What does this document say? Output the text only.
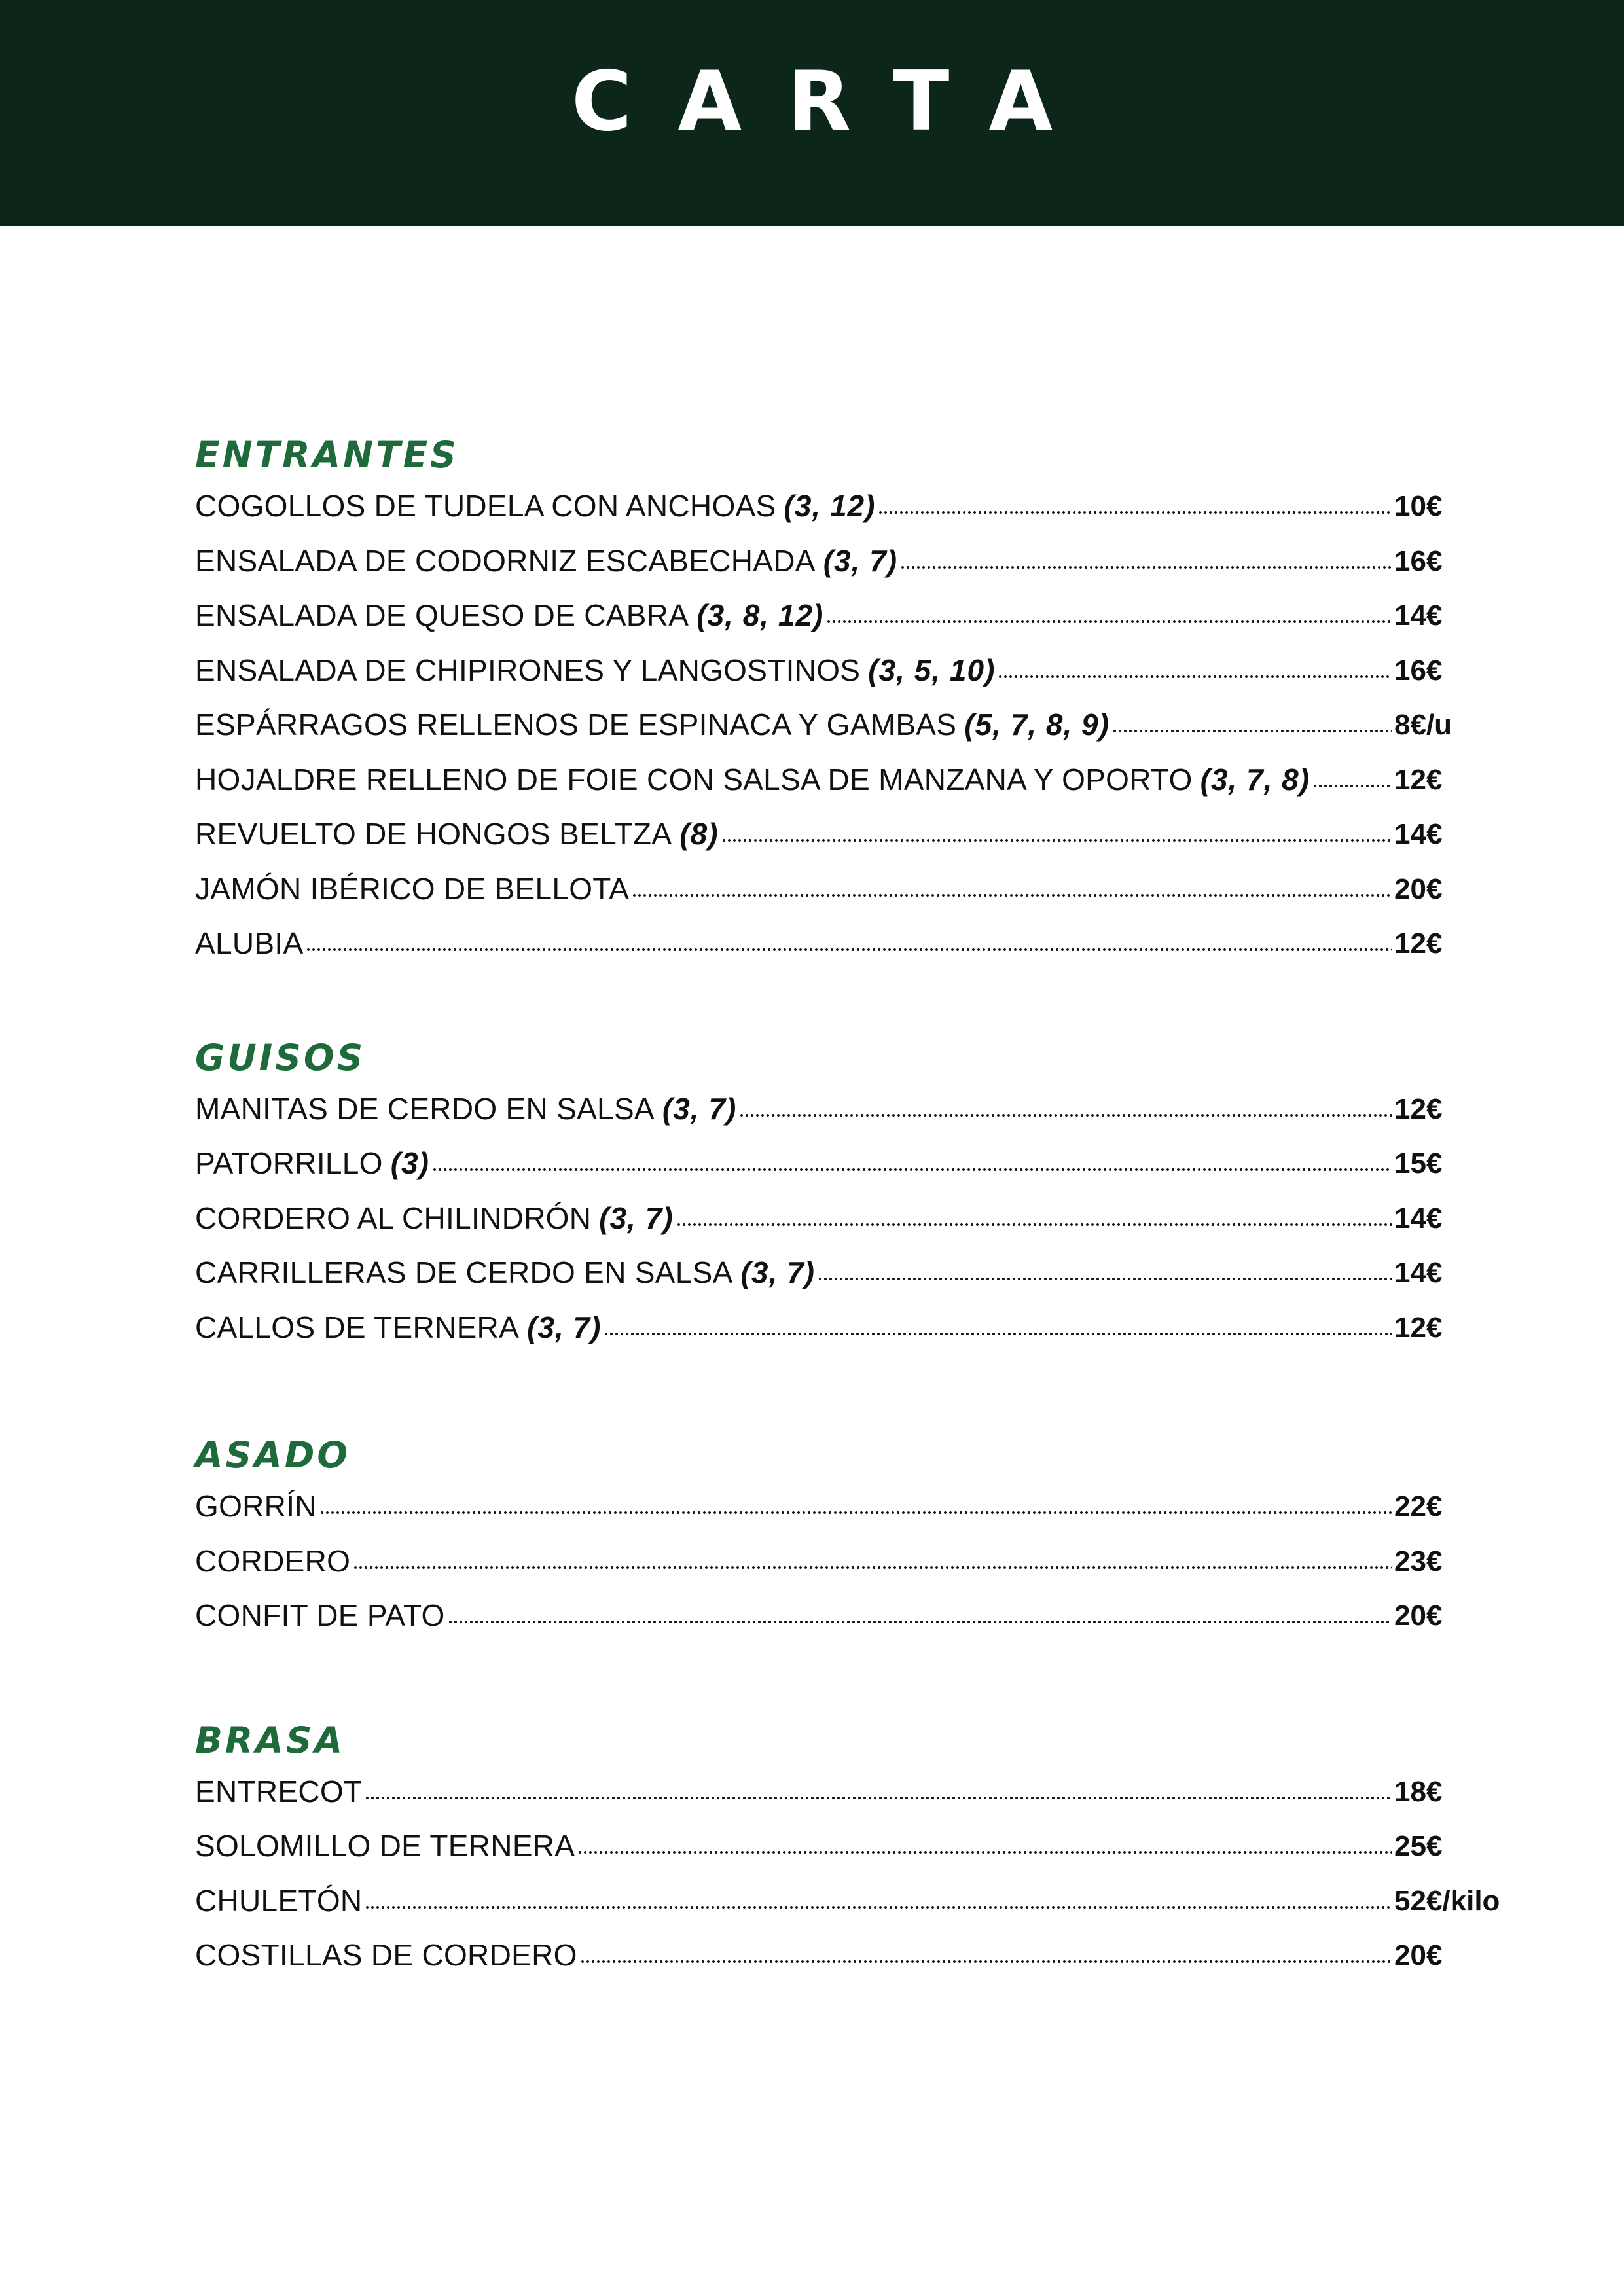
CARTA
ENTRANTES
COGOLLOS DE TUDELA CON ANCHOAS (3, 12)	10€
ENSALADA DE CODORNIZ ESCABECHADA (3, 7)	16€
ENSALADA DE QUESO DE CABRA (3, 8, 12)	14€
ENSALADA DE CHIPIRONES Y LANGOSTINOS (3, 5, 10)	16€
ESPÁRRAGOS RELLENOS DE ESPINACA Y GAMBAS (5, 7, 8, 9)	8€/u
HOJALDRE RELLENO DE FOIE CON SALSA DE MANZANA Y OPORTO (3, 7, 8)	12€
REVUELTO DE HONGOS BELTZA (8)	14€
JAMÓN IBÉRICO DE BELLOTA	20€
ALUBIA	12€
GUISOS
MANITAS DE CERDO EN SALSA (3, 7)	12€
PATORRILLO (3)	15€
CORDERO AL CHILINDRÓN (3, 7)	14€
CARRILLERAS DE CERDO EN SALSA (3, 7)	14€
CALLOS DE TERNERA (3, 7)	12€
ASADO
GORRÍN	22€
CORDERO	23€
CONFIT DE PATO	20€
BRASA
ENTRECOT	18€
SOLOMILLO DE TERNERA	25€
CHULETÓN	52€/kilo
COSTILLAS DE CORDERO	20€
